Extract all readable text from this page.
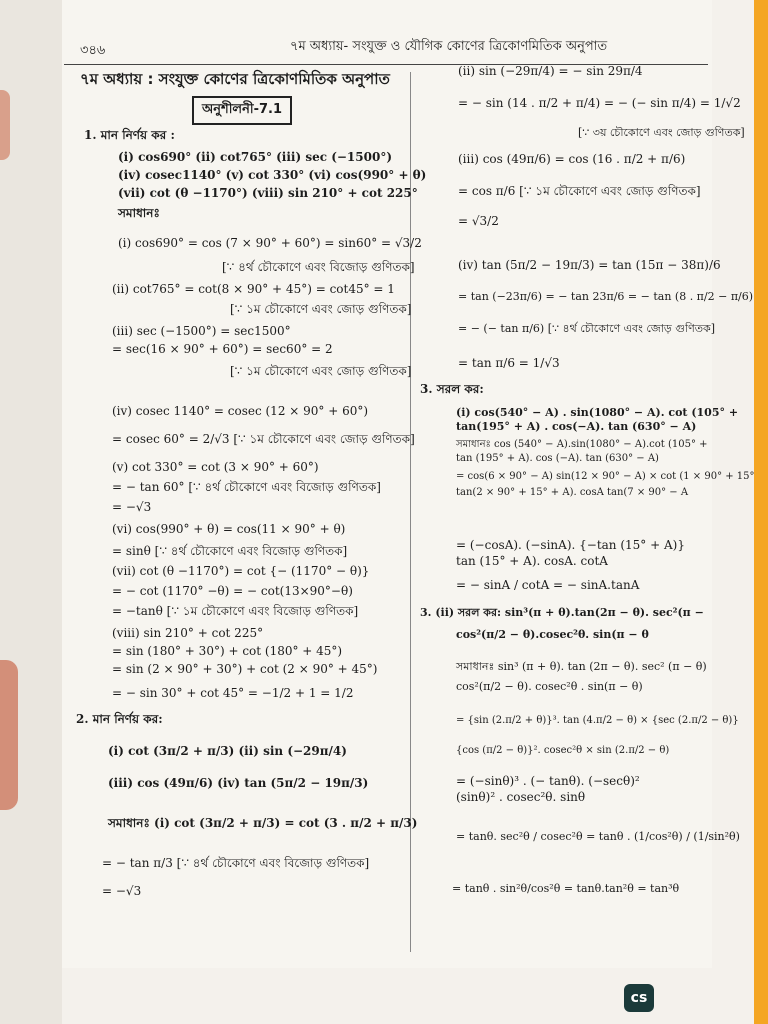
৩৪৬	৭ম অধ্যায়- সংযুক্ত ও যৌগিক কোণের ত্রিকোণমিতিক অনুপাত
৭ম অধ্যায় : সংযুক্ত কোণের ত্রিকোণমিতিক অনুপাত
অনুশীলনী-7.1
1. মান নির্ণয় কর :
(i) cos690° (ii) cot765° (iii) sec (−1500°)
(iv) cosec1140° (v) cot 330° (vi) cos(990° + θ)
(vii) cot (θ −1170°) (viii) sin 210° + cot 225°
সমাধানঃ
(i) cos690° = cos (7 × 90° + 60°) = sin60° = √3/2
[∵ ৪র্থ চৌকোণে এবং বিজোড় গুণিতক]
(ii) cot765° = cot(8 × 90° + 45°) = cot45° = 1
[∵ ১ম চৌকোণে এবং জোড় গুণিতক]
(iii) sec (−1500°) = sec1500°
= sec(16 × 90° + 60°) = sec60° = 2
[∵ ১ম চৌকোণে এবং জোড় গুণিতক]
(iv) cosec 1140° = cosec (12 × 90° + 60°)
= cosec 60° = 2/√3 [∵ ১ম চৌকোণে এবং জোড় গুণিতক]
(v) cot 330° = cot (3 × 90° + 60°)
= − tan 60° [∵ ৪র্থ চৌকোণে এবং বিজোড় গুণিতক]
= −√3
(vi) cos(990° + θ) = cos(11 × 90° + θ)
= sinθ [∵ ৪র্থ চৌকোণে এবং বিজোড় গুণিতক]
(vii) cot (θ −1170°) = cot {− (1170° − θ)}
= − cot (1170° −θ) = − cot(13×90°−θ)
= −tanθ [∵ ১ম চৌকোণে এবং বিজোড় গুণিতক]
(viii) sin 210° + cot 225°
= sin (180° + 30°) + cot (180° + 45°)
= sin (2 × 90° + 30°) + cot (2 × 90° + 45°)
= − sin 30° + cot 45° = −1/2 + 1 = 1/2
2. মান নির্ণয় কর:
(i) cot (3π/2 + π/3) (ii) sin (−29π/4)
(iii) cos (49π/6) (iv) tan (5π/2 − 19π/3)
সমাধানঃ (i) cot (3π/2 + π/3) = cot (3 . π/2 + π/3)
= − tan π/3 [∵ ৪র্থ চৌকোণে এবং বিজোড় গুণিতক]
= −√3
(ii) sin (−29π/4) = − sin 29π/4
= − sin (14 . π/2 + π/4) = − (− sin π/4) = 1/√2
[∵ ৩য় চৌকোণে এবং জোড় গুণিতক]
(iii) cos (49π/6) = cos (16 . π/2 + π/6)
= cos π/6 [∵ ১ম চৌকোণে এবং জোড় গুণিতক]
= √3/2
(iv) tan (5π/2 − 19π/3) = tan (15π − 38π)/6
= tan (−23π/6) = − tan 23π/6 = − tan (8 . π/2 − π/6)
= − (− tan π/6) [∵ ৪র্থ চৌকোণে এবং জোড় গুণিতক]
= tan π/6 = 1/√3
3. সরল কর:
(i) cos(540° − A) . sin(1080° − A). cot (105° +
tan(195° + A) . cos(−A). tan (630° − A)
সমাধানঃ cos (540° − A).sin(1080° − A).cot (105° +
tan (195° + A). cos (−A). tan (630° − A)
= cos(6 × 90° − A) sin(12 × 90° − A) × cot (1 × 90° + 15°
tan(2 × 90° + 15° + A). cosA tan(7 × 90° − A
= (−cosA). (−sinA). {−tan (15° + A)}
tan (15° + A). cosA. cotA
= − sinA / cotA = − sinA.tanA
3. (ii) সরল কর: sin³(π + θ).tan(2π − θ). sec²(π −
cos²(π/2 − θ).cosec²θ. sin(π − θ
সমাধানঃ sin³ (π + θ). tan (2π − θ). sec² (π − θ)
cos²(π/2 − θ). cosec²θ . sin(π − θ)
= {sin (2.π/2 + θ)}³. tan (4.π/2 − θ) × {sec (2.π/2 − θ)}
{cos (π/2 − θ)}². cosec²θ × sin (2.π/2 − θ)
= (−sinθ)³ . (− tanθ). (−secθ)²
(sinθ)² . cosec²θ. sinθ
= tanθ. sec²θ / cosec²θ = tanθ . (1/cos²θ) / (1/sin²θ)
= tanθ . sin²θ/cos²θ = tanθ.tan²θ = tan³θ
cs
